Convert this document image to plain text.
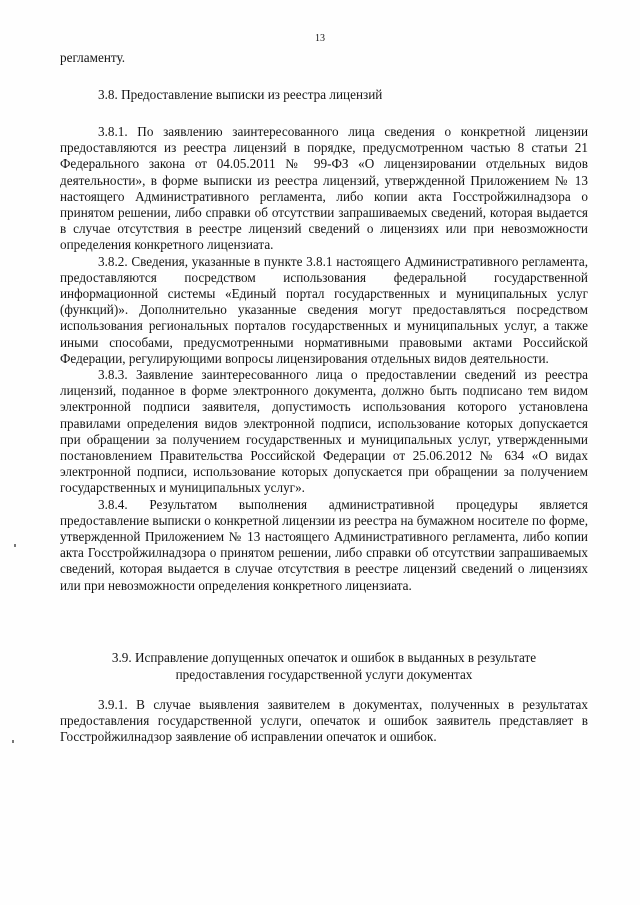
13

регламенту.

3.8. Предоставление выписки из реестра лицензий

3.8.1. По заявлению заинтересованного лица сведения о конкретной лицензии предоставляются из реестра лицензий в порядке, предусмотренном частью 8 статьи 21 Федерального закона от 04.05.2011 № 99-ФЗ «О лицензировании отдельных видов деятельности», в форме выписки из реестра лицензий, утвержденной Приложением № 13 настоящего Административного регламента, либо копии акта Госстройжилнадзора о принятом решении, либо справки об отсутствии запрашиваемых сведений, которая выдается в случае отсутствия в реестре лицензий сведений о лицензиях или при невозможности определения конкретного лицензиата.

3.8.2. Сведения, указанные в пункте 3.8.1 настоящего Административного регламента, предоставляются посредством использования федеральной государственной информационной системы «Единый портал государственных и муниципальных услуг (функций)». Дополнительно указанные сведения могут предоставляться посредством использования региональных порталов государственных и муниципальных услуг, а также иными способами, предусмотренными нормативными правовыми актами Российской Федерации, регулирующими вопросы лицензирования отдельных видов деятельности.

3.8.3. Заявление заинтересованного лица о предоставлении сведений из реестра лицензий, поданное в форме электронного документа, должно быть подписано тем видом электронной подписи заявителя, допустимость использования которого установлена правилами определения видов электронной подписи, использование которых допускается при обращении за получением государственных и муниципальных услуг, утвержденными постановлением Правительства Российской Федерации от 25.06.2012 № 634 «О видах электронной подписи, использование которых допускается при обращении за получением государственных и муниципальных услуг».

3.8.4. Результатом выполнения административной процедуры является предоставление выписки о конкретной лицензии из реестра на бумажном носителе по форме, утвержденной Приложением № 13 настоящего Административного регламента, либо копии акта Госстройжилнадзора о принятом решении, либо справки об отсутствии запрашиваемых сведений, которая выдается в случае отсутствия в реестре лицензий сведений о лицензиях или при невозможности определения конкретного лицензиата.

3.9. Исправление допущенных опечаток и ошибок в выданных в результате
предоставления государственной услуги документах

3.9.1. В случае выявления заявителем в документах, полученных в результатах предоставления государственной услуги, опечаток и ошибок заявитель представляет в Госстройжилнадзор заявление об исправлении опечаток и ошибок.
